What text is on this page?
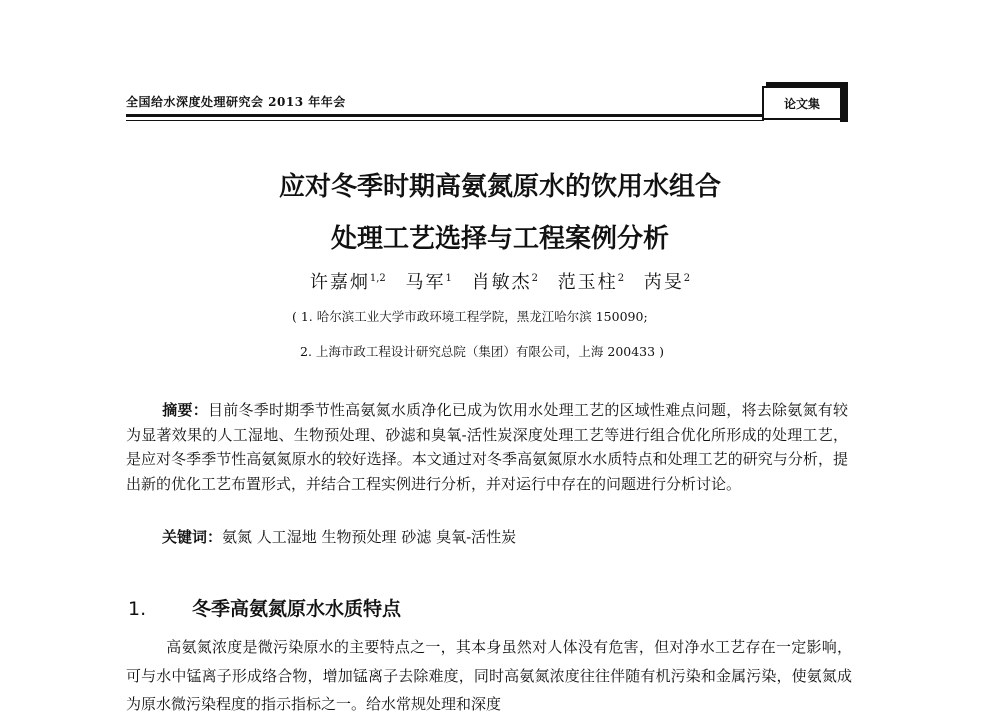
全国给水深度处理研究会 2013 年年会	论文集
应对冬季时期高氨氮原水的饮用水组合
处理工艺选择与工程案例分析
许嘉炯$^{1,2}$ 马军$^1$ 肖敏杰$^2$ 范玉柱$^2$ 芮旻$^2$
( 1. 哈尔滨工业大学市政环境工程学院，黑龙江哈尔滨 150090;
2. 上海市政工程设计研究总院（集团）有限公司，上海 200433 )
摘要：目前冬季时期季节性高氨氮水质净化已成为饮用水处理工艺的区域性难点问题，将去除氨氮有较为显著效果的人工湿地、生物预处理、砂滤和臭氧-活性炭深度处理工艺等进行组合优化所形成的处理工艺，是应对冬季季节性高氨氮原水的较好选择。本文通过对冬季高氨氮原水水质特点和处理工艺的研究与分析，提出新的优化工艺布置形式，并结合工程实例进行分析，并对运行中存在的问题进行分析讨论。
关键词：氨氮 人工湿地 生物预处理 砂滤 臭氧-活性炭
1. 冬季高氨氮原水水质特点
高氨氮浓度是微污染原水的主要特点之一，其本身虽然对人体没有危害，但对净水工艺存在一定影响，可与水中锰离子形成络合物，增加锰离子去除难度，同时高氨氮浓度往往伴随有机污染和金属污染，使氨氮成为原水微污染程度的指示指标之一。给水常规处理和深度
